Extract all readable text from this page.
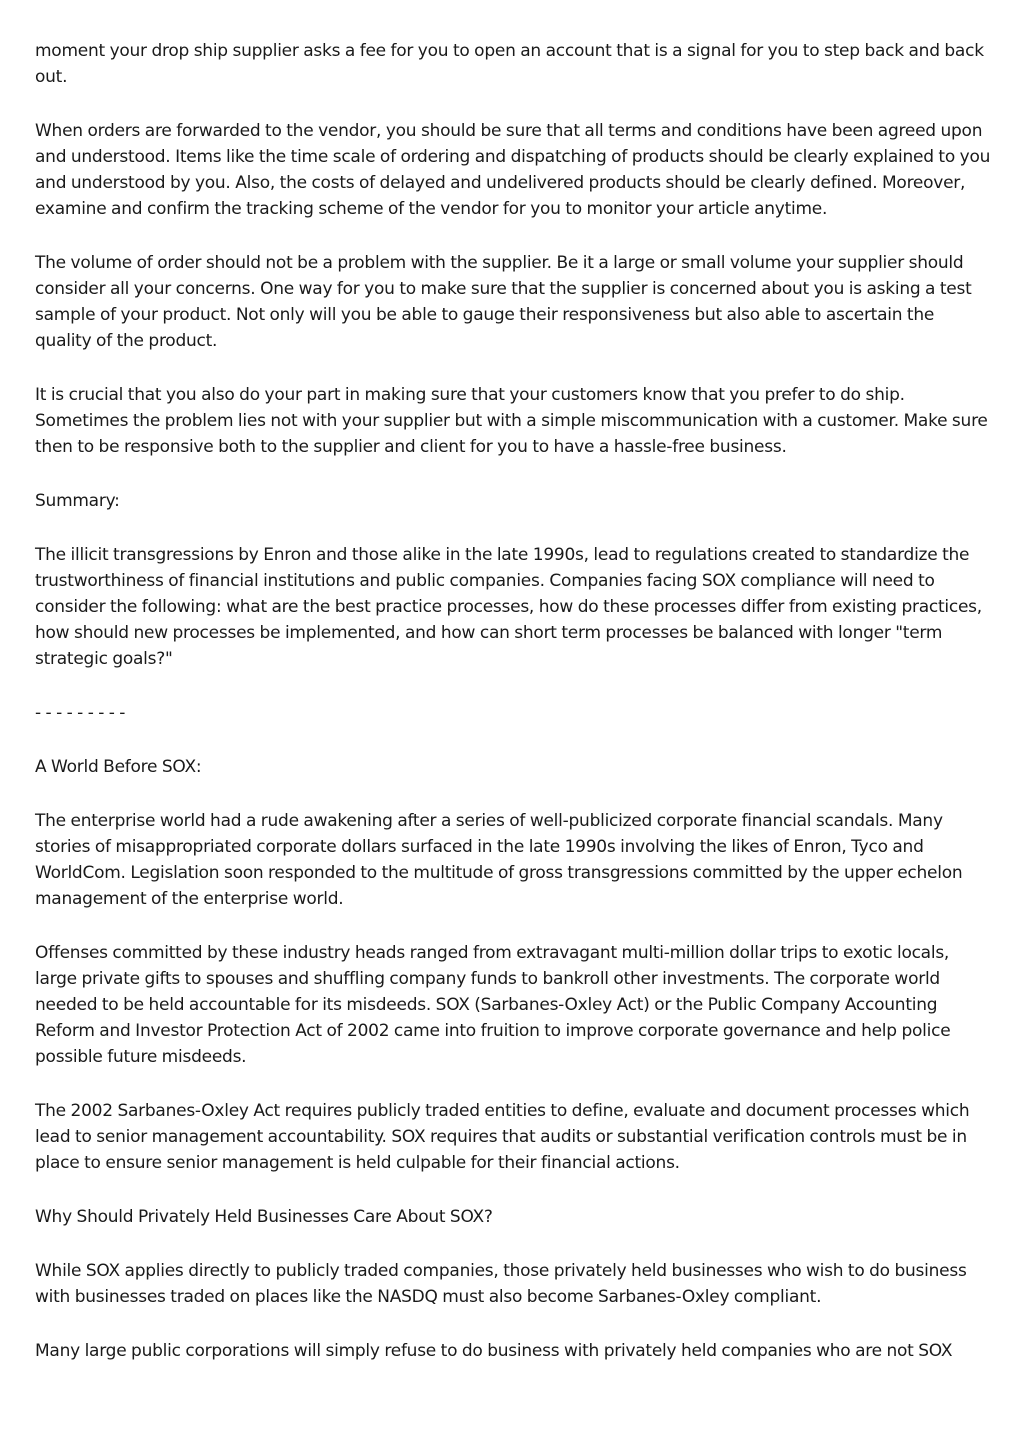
moment your drop ship supplier asks a fee for you to open an account that is a signal for you to step back and back out.

When orders are forwarded to the vendor, you should be sure that all terms and conditions have been agreed upon and understood. Items like the time scale of ordering and dispatching of products should be clearly explained to you and understood by you. Also, the costs of delayed and undelivered products should be clearly defined. Moreover, examine and confirm the tracking scheme of the vendor for you to monitor your article anytime.

The volume of order should not be a problem with the supplier. Be it a large or small volume your supplier should consider all your concerns. One way for you to make sure that the supplier is concerned about you is asking a test sample of your product. Not only will you be able to gauge their responsiveness but also able to ascertain the quality of the product.

It is crucial that you also do your part in making sure that your customers know that you prefer to do ship. Sometimes the problem lies not with your supplier but with a simple miscommunication with a customer. Make sure then to be responsive both to the supplier and client for you to have a hassle-free business.

Summary:

The illicit transgressions by Enron and those alike in the late 1990s, lead to regulations created to standardize the trustworthiness of financial institutions and public companies. Companies facing SOX compliance will need to consider the following: what are the best practice processes, how do these processes differ from existing practices, how should new processes be implemented, and how can short term processes be balanced with longer "term strategic goals?"

- - - - - - - - -

A World Before SOX:

The enterprise world had a rude awakening after a series of well-publicized corporate financial scandals. Many stories of misappropriated corporate dollars surfaced in the late 1990s involving the likes of Enron, Tyco and WorldCom. Legislation soon responded to the multitude of gross transgressions committed by the upper echelon management of the enterprise world.

Offenses committed by these industry heads ranged from extravagant multi-million dollar trips to exotic locals, large private gifts to spouses and shuffling company funds to bankroll other investments. The corporate world needed to be held accountable for its misdeeds. SOX (Sarbanes-Oxley Act) or the Public Company Accounting Reform and Investor Protection Act of 2002 came into fruition to improve corporate governance and help police possible future misdeeds.

The 2002 Sarbanes-Oxley Act requires publicly traded entities to define, evaluate and document processes which lead to senior management accountability. SOX requires that audits or substantial verification controls must be in place to ensure senior management is held culpable for their financial actions.

Why Should Privately Held Businesses Care About SOX?

While SOX applies directly to publicly traded companies, those privately held businesses who wish to do business with businesses traded on places like the NASDQ must also become Sarbanes-Oxley compliant.

Many large public corporations will simply refuse to do business with privately held companies who are not SOX
